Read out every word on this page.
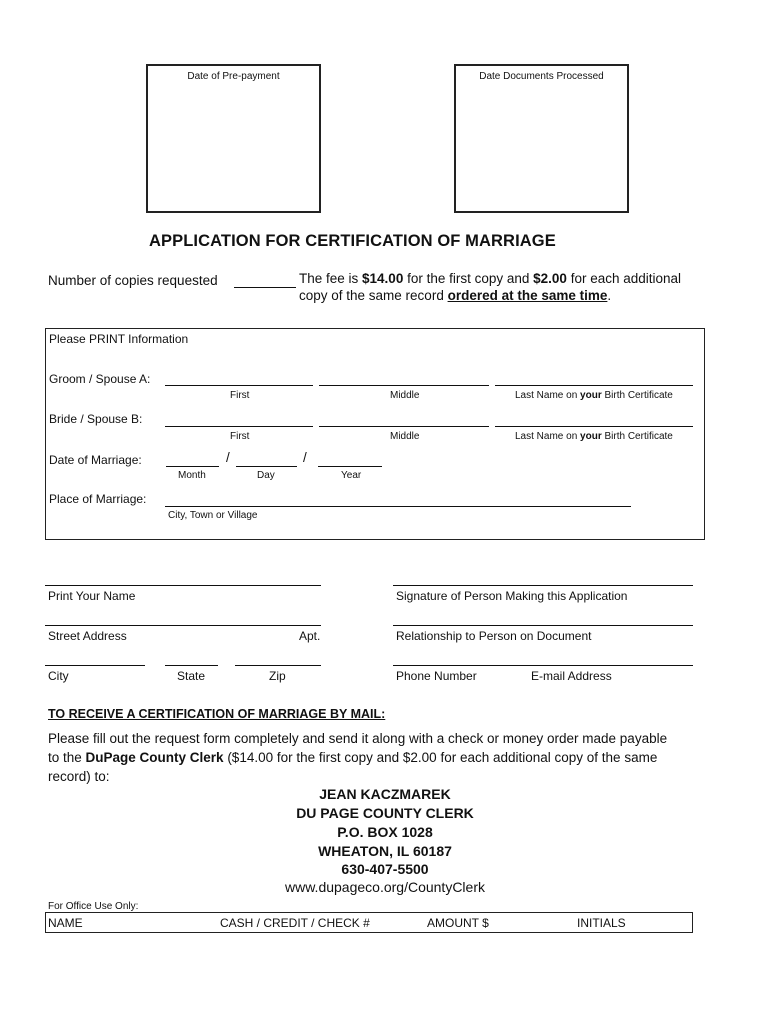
Date of Pre-payment	Date Documents Processed
APPLICATION FOR CERTIFICATION OF MARRIAGE
Number of copies requested	The fee is $14.00 for the first copy and $2.00 for each additional
copy of the same record ordered at the same time.
Please PRINT Information
Groom / Spouse A:
First	Middle	Last Name on your Birth Certificate
Bride / Spouse B:
First	Middle	Last Name on your Birth Certificate
Date of Marriage:	/	/
Month	Day	Year
Place of Marriage:
City, Town or Village
Print Your Name
Street Address	Apt.
City	State	Zip
Signature of Person Making this Application
Relationship to Person on Document
Phone Number	E-mail Address
TO RECEIVE A CERTIFICATION OF MARRIAGE BY MAIL:
Please fill out the request form completely and send it along with a check or money order made payable
to the DuPage County Clerk ($14.00 for the first copy and $2.00 for each additional copy of the same
record) to:
JEAN KACZMAREK
DU PAGE COUNTY CLERK
P.O. BOX 1028
WHEATON, IL 60187
630-407-5500
www.dupageco.org/CountyClerk
For Office Use Only:
NAME	CASH / CREDIT / CHECK #	AMOUNT $	INITIALS
